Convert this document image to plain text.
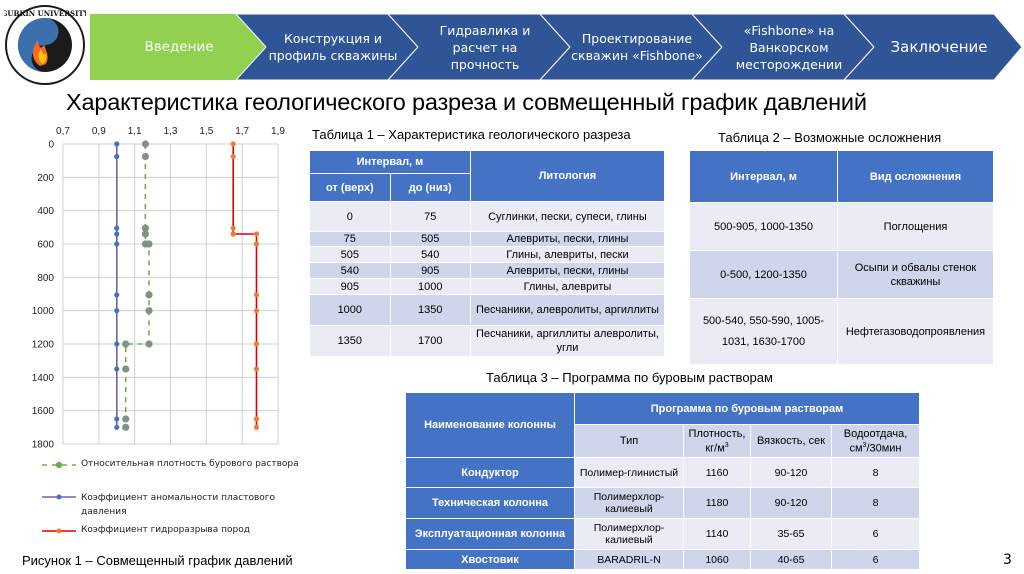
GUBKIN UNIVERSITY
Введение	Конструкция и профиль скважины
Гидравлика и расчет на прочность
Проектирование скважин «Fishbone»
«Fishbone» на Ванкорском месторождении
Заключение
Характеристика геологического разреза и совмещенный график давлений
0,7 0,9 1,1 1,3 1,5 1,7 1,9
0
200
400
600
800
1000
1200
1400
1600
1800
Относительная плотность бурового раствора
Коэффициент аномальности пластового давления
Коэффициент гидроразрыва пород
Рисунок 1 – Совмещенный график давлений	3
Таблица 1 – Характеристика геологического разреза
Интервал, м		Литология
от (верх)	до (низ)	
0	75	Суглинки, пески, супеси, глины
75	505	Алевриты, пески, глины
505	540	Глины, алевриты, пески
540	905	Алевриты, пески, глины
905	1000	Глины, алевриты
1000	1350	Песчаники, алевролиты, аргиллиты
1350	1700	Песчаники, аргиллиты алевролиты, угли
Таблица 2 – Возможные осложнения
Интервал, м	Вид осложнения
500-905, 1000-1350	Поглощения
0-500, 1200-1350	Осыпи и обвалы стенок скважины
500-540, 550-590, 1005-1031, 1630-1700	Нефтегазоводопроявления
Таблица 3 – Программа по буровым растворам
Наименование колонны	Программа по буровым растворам			
	Тип	Плотность, $кг/м^3$	Вязкость, сек	Водоотдача, $см^3/30мин$
Кондуктор	Полимер-глинистый	1160	90-120	8
Техническая колонна	Полимерхлор-калиевый	1180	90-120	8
Эксплуатационная колонна	Полимерхлор-калиевый	1140	35-65	6
Хвостовик	BARADRIL-N	1060	40-65	6
